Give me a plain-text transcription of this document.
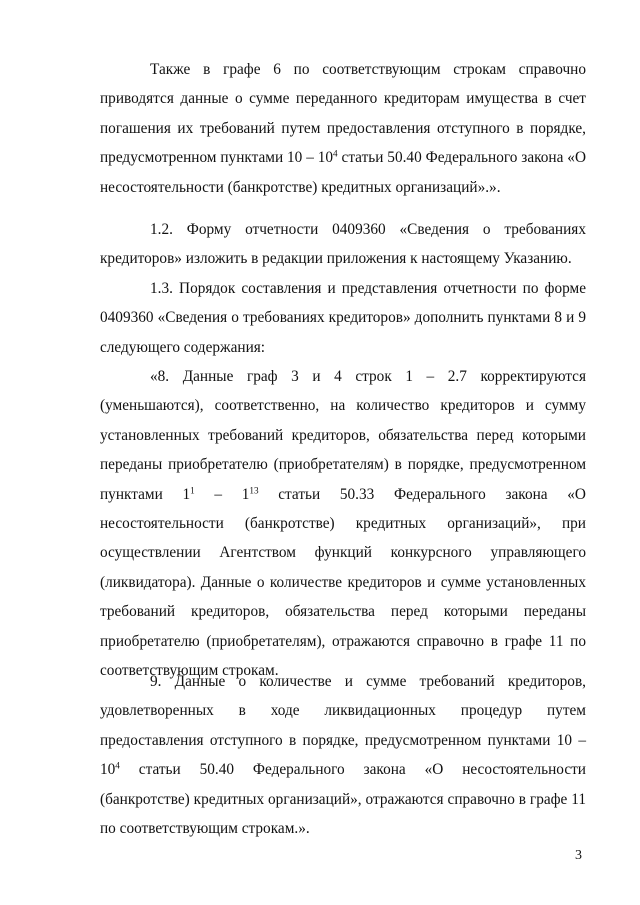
Также в графе 6 по соответствующим строкам справочно приводятся данные о сумме переданного кредиторам имущества в счет погашения их требований путем предоставления отступного в порядке, предусмотренном пунктами $10 - 10^4$ статьи 50.40 Федерального закона «О несостоятельности (банкротстве) кредитных организаций».».

1.2. Форму отчетности 0409360 «Сведения о требованиях кредиторов» изложить в редакции приложения к настоящему Указанию.

1.3. Порядок составления и представления отчетности по форме 0409360 «Сведения о требованиях кредиторов» дополнить пунктами 8 и 9 следующего содержания:

«8. Данные граф 3 и 4 строк 1 – 2.7 корректируются (уменьшаются), соответственно, на количество кредиторов и сумму установленных требований кредиторов, обязательства перед которыми переданы приобретателю (приобретателям) в порядке, предусмотренном пунктами $1^1 - 1^{13}$ статьи 50.33 Федерального закона «О несостоятельности (банкротстве) кредитных организаций», при осуществлении Агентством функций конкурсного управляющего (ликвидатора). Данные о количестве кредиторов и сумме установленных требований кредиторов, обязательства перед которыми переданы приобретателю (приобретателям), отражаются справочно в графе 11 по соответствующим строкам.

9. Данные о количестве и сумме требований кредиторов, удовлетворенных в ходе ликвидационных процедур путем предоставления отступного в порядке, предусмотренном пунктами $10 - 10^4$ статьи 50.40 Федерального закона «О несостоятельности (банкротстве) кредитных организаций», отражаются справочно в графе 11 по соответствующим строкам.».

3
